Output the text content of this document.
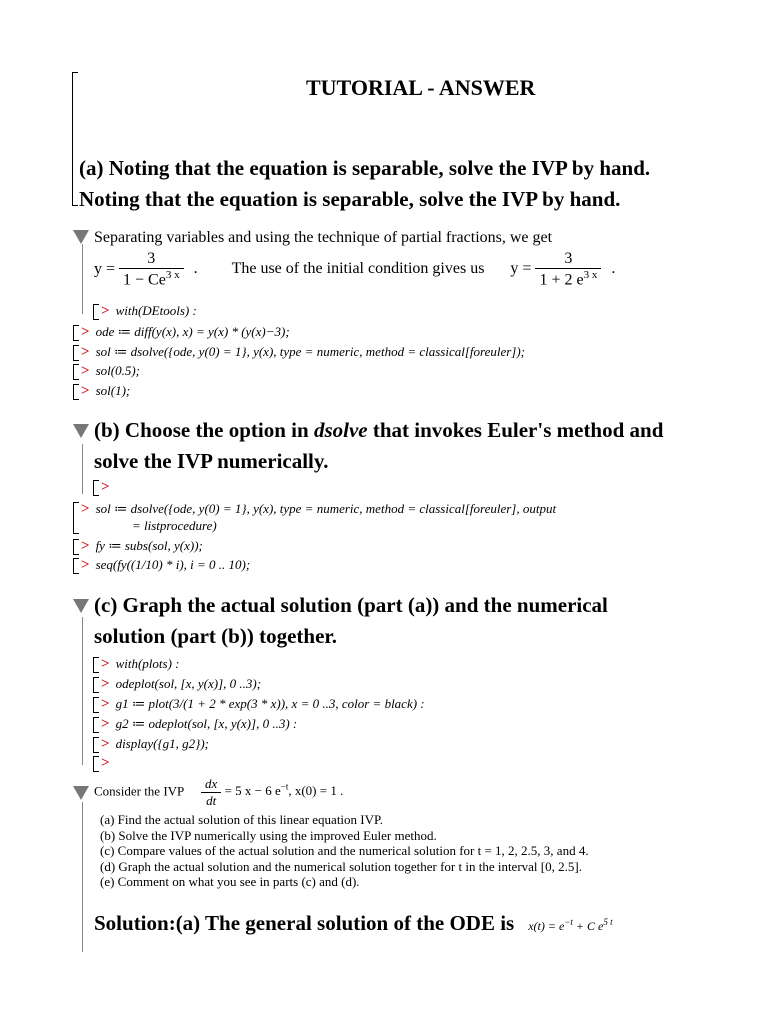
TUTORIAL - ANSWER
(a) Noting that the equation is separable, solve the IVP by hand.
Noting that the equation is separable, solve the IVP by hand.
Separating variables and using the technique of partial fractions, we get
$y = \frac{3}{1 - Ce^{3 x}}$ . The use of the initial condition gives us $y = \frac{3}{1 + 2 e^{3 x}}$ .
> with(DEtools) :
> ode ≔ diff(y(x), x) = y(x) * (y(x)−3);
> sol ≔ dsolve({ode, y(0) = 1}, y(x), type = numeric, method = classical[foreuler]);
> sol(0.5);
> sol(1);
(b) Choose the option in dsolve that invokes Euler's method and
solve the IVP numerically.
>
> sol ≔ dsolve({ode, y(0) = 1}, y(x), type = numeric, method = classical[foreuler], output
= listprocedure)
> fy ≔ subs(sol, y(x));
> seq(fy((1/10) * i), i = 0 .. 10);
(c) Graph the actual solution (part (a)) and the numerical
solution (part (b)) together.
> with(plots) :
> odeplot(sol, [x, y(x)], 0 ..3);
> g1 ≔ plot(3/(1 + 2 * exp(3 * x)), x = 0 ..3, color = black) :
> g2 ≔ odeplot(sol, [x, y(x)], 0 ..3) :
> display({g1, g2});
>
Consider the IVP $\frac{dx}{dt} = 5$ x − 6 $e^{-t}$, x(0) = 1 .
(a) Find the actual solution of this linear equation IVP.
(b) Solve the IVP numerically using the improved Euler method.
(c) Compare values of the actual solution and the numerical solution for t = 1, 2, 2.5, 3, and 4.
(d) Graph the actual solution and the numerical solution together for t in the interval [0, 2.5].
(e) Comment on what you see in parts (c) and (d).
Solution:(a) The general solution of the ODE is $x(t) = e^{-t} + C$ $e^{5 t}$
